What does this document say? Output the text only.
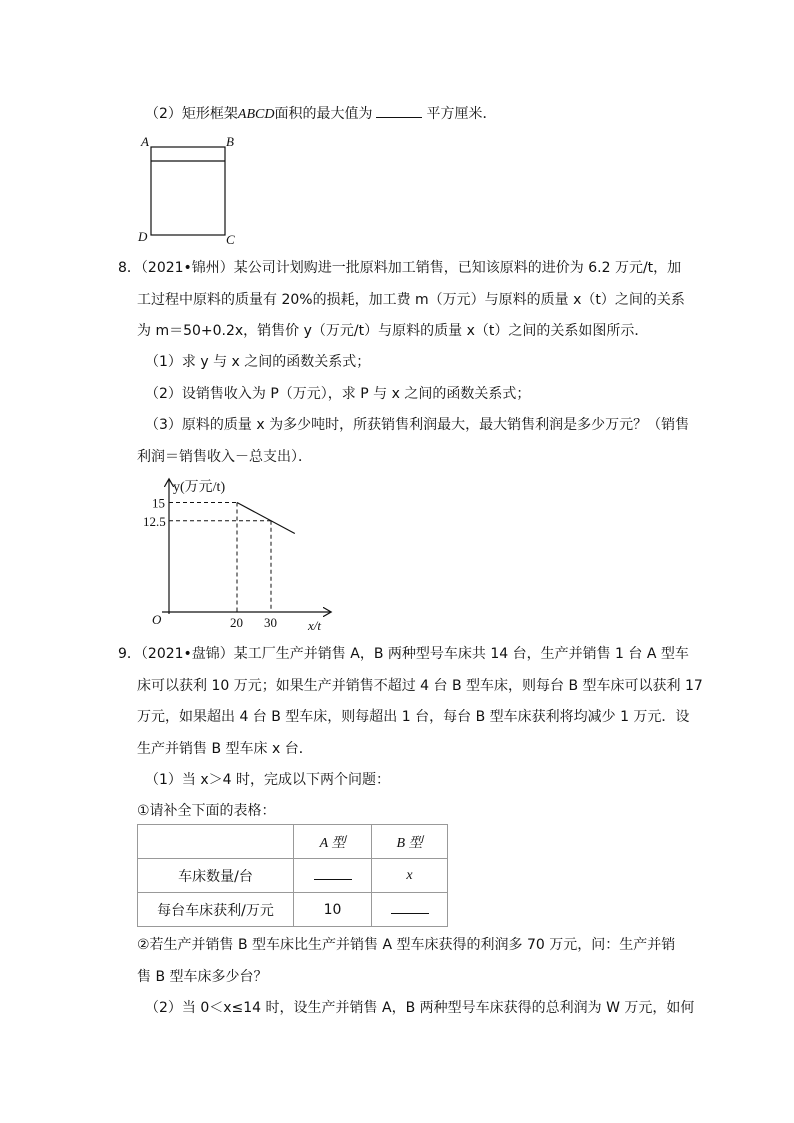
（2）矩形框架ABCD面积的最大值为	平方厘米．
A	B
D	C
8．（2021•锦州）某公司计划购进一批原料加工销售，已知该原料的进价为 6.2 万元/t，加
工过程中原料的质量有 20%的损耗，加工费 m（万元）与原料的质量 x（t）之间的关系
为 m＝50+0.2x，销售价 y（万元/t）与原料的质量 x（t）之间的关系如图所示．
（1）求 y 与 x 之间的函数关系式；
（2）设销售收入为 P（万元），求 P 与 x 之间的函数关系式；
（3）原料的质量 x 为多少吨时，所获销售利润最大，最大销售利润是多少万元？（销售
利润＝销售收入－总支出）．
y(万元/t)
x/t
O
15
12.5
20 30
9．（2021•盘锦）某工厂生产并销售 A，B 两种型号车床共 14 台，生产并销售 1 台 A 型车
床可以获利 10 万元；如果生产并销售不超过 4 台 B 型车床，则每台 B 型车床可以获利 17
万元，如果超出 4 台 B 型车床，则每超出 1 台，每台 B 型车床获利将均减少 1 万元．设
生产并销售 B 型车床 x 台．
（1）当 x＞4 时，完成以下两个问题：
①请补全下面的表格：
	A 型	B 型
车床数量/台		x
每台车床获利/万元	10	
②若生产并销售 B 型车床比生产并销售 A 型车床获得的利润多 70 万元，问：生产并销
售 B 型车床多少台？
（2）当 0＜x≤14 时，设生产并销售 A，B 两种型号车床获得的总利润为 W 万元，如何
